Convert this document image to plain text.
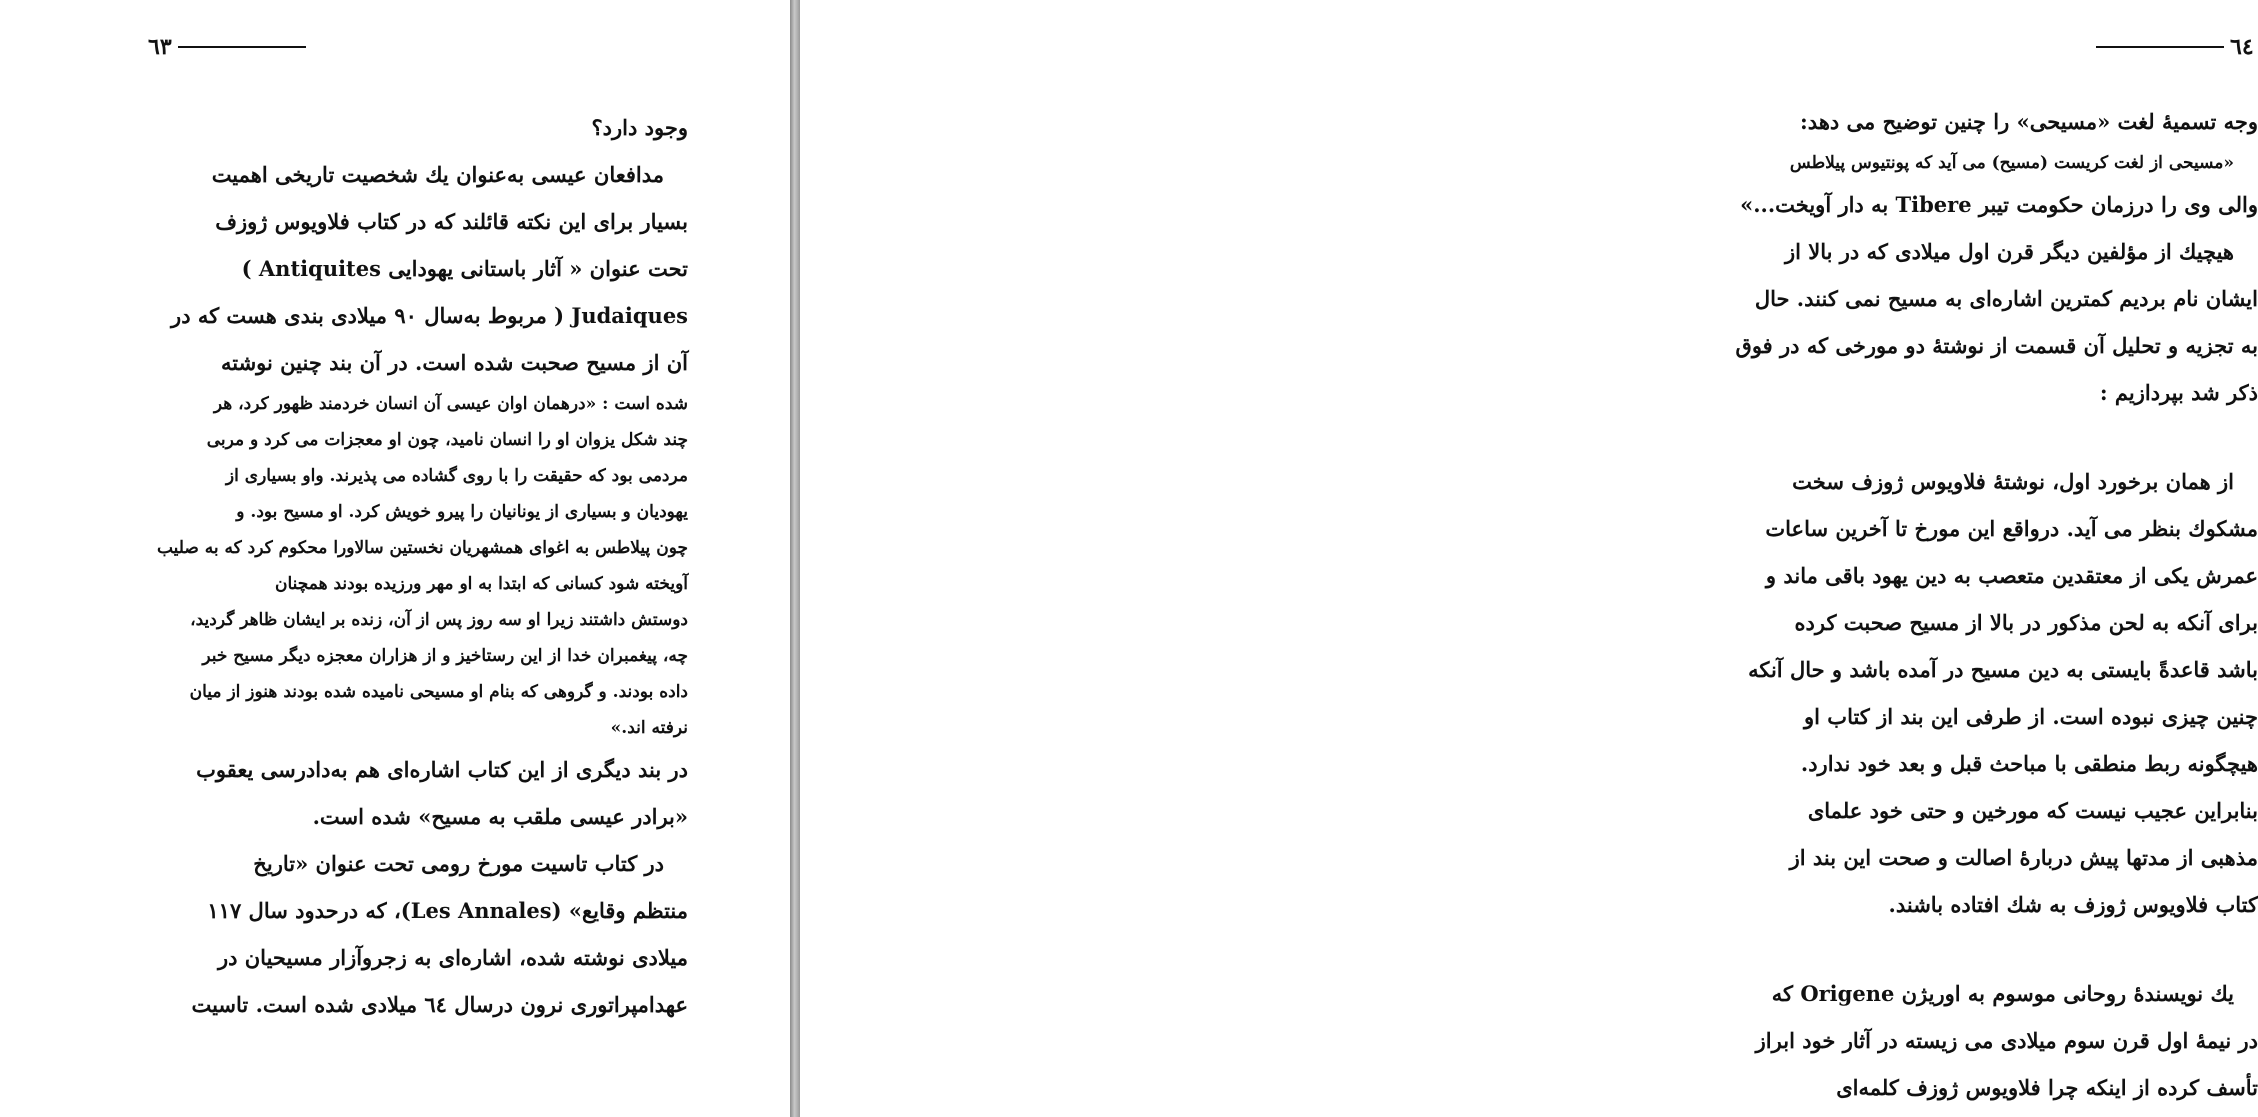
٦٣

وجود دارد؟

مدافعان عیسی به‌عنوان یك شخصیت تاریخی اهمیت

بسیار برای این نکته قائلند که در کتاب فلاویوس ژوزف

تحت عنوان « آثار باستانی یهودایی Antiquites )

Judaiques ( مربوط به‌سال ۹۰ میلادی بندی هست که در

آن از مسیح صحبت شده است. در آن بند چنین نوشته

شده است : «درهمان اوان عیسی آن انسان خردمند ظهور کرد، هر

چند شکل یزوان او را انسان نامید، چون او معجزات می کرد و مربی

مردمی بود که حقیقت را با روی گشاده می پذیرند. واو بسیاری از

یهودیان و بسیاری از یونانیان را پیرو خویش کرد. او مسیح بود. و

چون پیلاطس به اغوای همشهریان نخستین سالاورا محکوم کرد که به صلیب

آویخته شود کسانی که ابتدا به او مهر ورزیده بودند همچنان

دوستش داشتند زیرا او سه روز پس از آن، زنده بر ایشان ظاهر گردید،

چه، پیغمبران خدا از این رستاخیز و از هزاران معجزه دیگر مسیح خبر

داده بودند. و گروهی که بنام او مسیحی نامیده شده بودند هنوز از میان

نرفته اند.»

در بند دیگری از این کتاب اشاره‌ای هم به‌دادرسی یعقوب

«برادر عیسی ملقب به مسیح» شده است.

در کتاب تاسیت مورخ رومی تحت عنوان «تاریخ

منتظم وقایع» (Les Annales)، که درحدود سال ۱۱۷

میلادی نوشته شده، اشاره‌ای به زجروآزار مسیحیان در

عهدامپراتوری نرون درسال ٦٤ میلادی شده است. تاسیت

٦٤

وجه تسمیهٔ لغت «مسیحی» را چنین توضیح می دهد:

«مسیحی از لغت کریست (مسیح) می آید که پونتیوس پیلاطس

والی وی را درزمان حکومت تیبر Tibere به دار آویخت...»

هیچیك از مؤلفین دیگر قرن اول میلادی که در بالا از

ایشان نام بردیم کمترین اشاره‌ای به مسیح نمی کنند. حال

به تجزیه و تحلیل آن قسمت از نوشتهٔ دو مورخی که در فوق

ذکر شد بپردازیم :

از همان برخورد اول، نوشتهٔ فلاویوس ژوزف سخت

مشکوك بنظر می آید. درواقع این مورخ تا آخرین ساعات

عمرش یکی از معتقدین متعصب به دین یهود باقی ماند و

برای آنکه به لحن مذکور در بالا از مسیح صحبت کرده

باشد قاعدةً بایستی به دین مسیح در آمده باشد و حال آنکه

چنین چیزی نبوده است. از طرفی این بند از کتاب او

هیچگونه ربط منطقی با مباحث قبل و بعد خود ندارد.

بنابراین عجیب نیست که مورخین و حتی خود علمای

مذهبی از مدتها پیش دربارهٔ اصالت و صحت این بند از

کتاب فلاویوس ژوزف به شك افتاده باشند.

یك نویسندهٔ روحانی موسوم به اوریژن Origene که

در نیمهٔ اول قرن سوم میلادی می زیسته در آثار خود ابراز

تأسف کرده از اینکه چرا فلاویوس ژوزف کلمه‌ای
